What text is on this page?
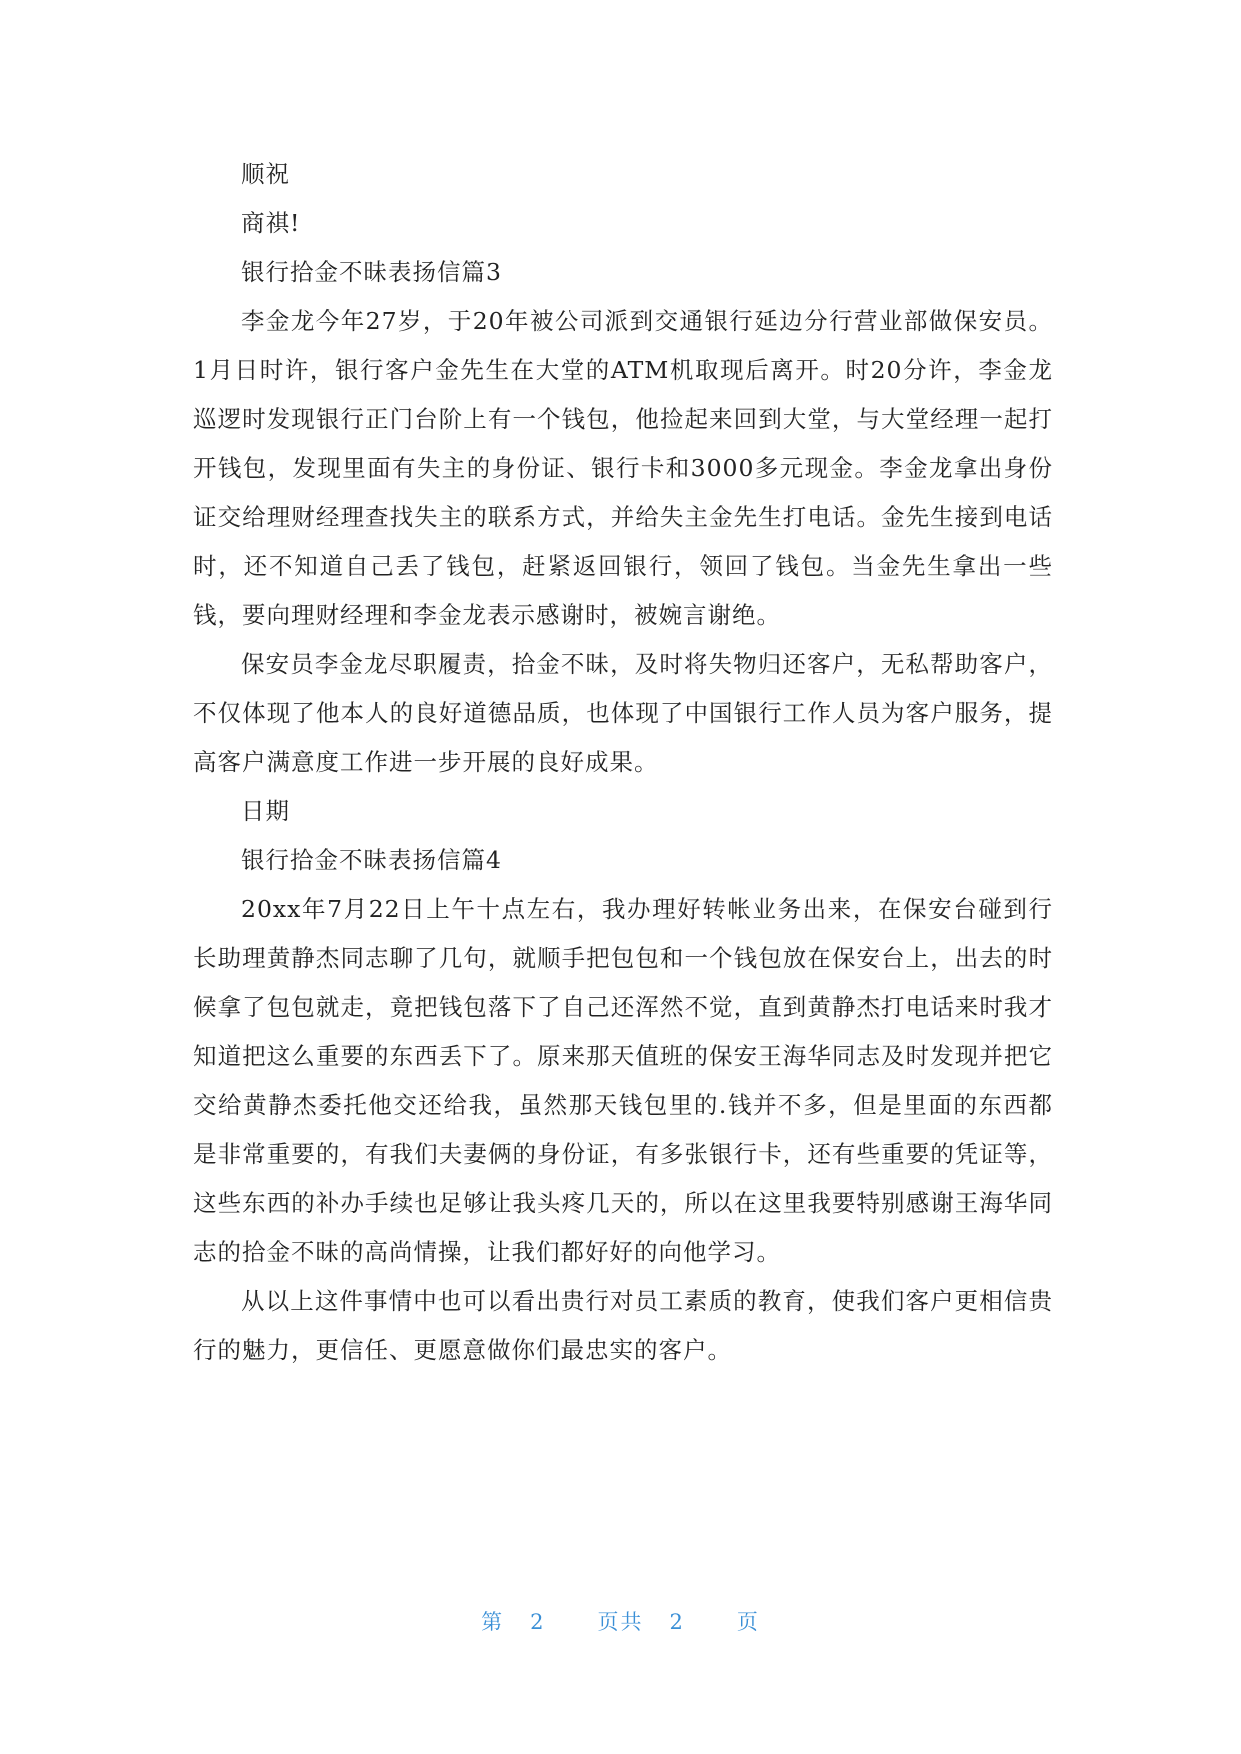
顺祝
商祺!
银行拾金不昧表扬信篇3

李金龙今年27岁，于20年被公司派到交通银行延边分行营业部做保安员。1月日时许，银行客户金先生在大堂的ATM机取现后离开。时20分许，李金龙巡逻时发现银行正门台阶上有一个钱包，他捡起来回到大堂，与大堂经理一起打开钱包，发现里面有失主的身份证、银行卡和3000多元现金。李金龙拿出身份证交给理财经理查找失主的联系方式，并给失主金先生打电话。金先生接到电话时，还不知道自己丢了钱包，赶紧返回银行，领回了钱包。当金先生拿出一些钱，要向理财经理和李金龙表示感谢时，被婉言谢绝。

保安员李金龙尽职履责，拾金不昧，及时将失物归还客户，无私帮助客户，不仅体现了他本人的良好道德品质，也体现了中国银行工作人员为客户服务，提高客户满意度工作进一步开展的良好成果。

日期
银行拾金不昧表扬信篇4

20xx年7月22日上午十点左右，我办理好转帐业务出来，在保安台碰到行长助理黄静杰同志聊了几句，就顺手把包包和一个钱包放在保安台上，出去的时候拿了包包就走，竟把钱包落下了自己还浑然不觉，直到黄静杰打电话来时我才知道把这么重要的东西丢下了。原来那天值班的保安王海华同志及时发现并把它交给黄静杰委托他交还给我，虽然那天钱包里的.钱并不多，但是里面的东西都是非常重要的，有我们夫妻俩的身份证，有多张银行卡，还有些重要的凭证等，这些东西的补办手续也足够让我头疼几天的，所以在这里我要特别感谢王海华同志的拾金不昧的高尚情操，让我们都好好的向他学习。

从以上这件事情中也可以看出贵行对员工素质的教育，使我们客户更相信贵行的魅力，更信任、更愿意做你们最忠实的客户。

第 2 页共 2 页
